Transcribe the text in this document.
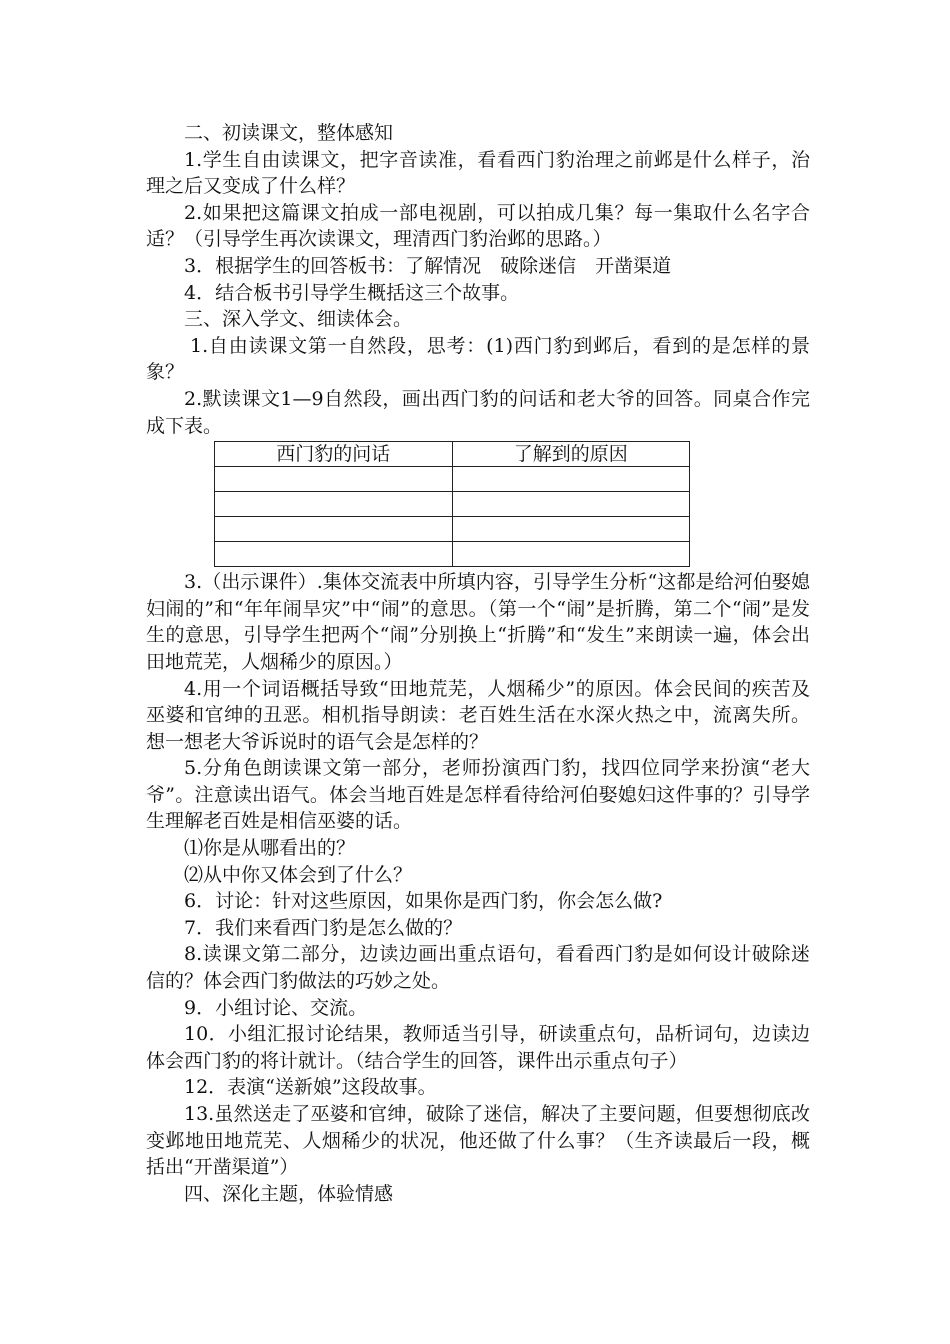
二、初读课文，整体感知

1.学生自由读课文，把字音读准，看看西门豹治理之前邺是什么样子，治理之后又变成了什么样？

2.如果把这篇课文拍成一部电视剧，可以拍成几集？每一集取什么名字合适？（引导学生再次读课文，理清西门豹治邺的思路。）

3．根据学生的回答板书：了解情况　破除迷信　开凿渠道

4．结合板书引导学生概括这三个故事。

三、深入学文、细读体会。

1.自由读课文第一自然段，思考：(1)西门豹到邺后，看到的是怎样的景象？

2.默读课文1—9自然段，画出西门豹的问话和老大爷的回答。同桌合作完成下表。

西门豹的问话	了解到的原因

3.（出示课件）.集体交流表中所填内容，引导学生分析“这都是给河伯娶媳妇闹的”和“年年闹旱灾”中“闹”的意思。（第一个“闹”是折腾，第二个“闹”是发生的意思，引导学生把两个“闹”分别换上“折腾”和“发生”来朗读一遍，体会出田地荒芜，人烟稀少的原因。）

4.用一个词语概括导致“田地荒芜，人烟稀少”的原因。体会民间的疾苦及巫婆和官绅的丑恶。相机指导朗读：老百姓生活在水深火热之中，流离失所。想一想老大爷诉说时的语气会是怎样的？

5.分角色朗读课文第一部分，老师扮演西门豹，找四位同学来扮演“老大爷”。注意读出语气。体会当地百姓是怎样看待给河伯娶媳妇这件事的？引导学生理解老百姓是相信巫婆的话。

⑴你是从哪看出的？

⑵从中你又体会到了什么？

6．讨论：针对这些原因，如果你是西门豹，你会怎么做?

7．我们来看西门豹是怎么做的？

8.读课文第二部分，边读边画出重点语句，看看西门豹是如何设计破除迷信的？体会西门豹做法的巧妙之处。

9．小组讨论、交流。

10．小组汇报讨论结果，教师适当引导，研读重点句，品析词句，边读边体会西门豹的将计就计。（结合学生的回答，课件出示重点句子）

12．表演“送新娘”这段故事。

13.虽然送走了巫婆和官绅，破除了迷信，解决了主要问题，但要想彻底改变邺地田地荒芜、人烟稀少的状况，他还做了什么事？（生齐读最后一段，概括出“开凿渠道”）

四、深化主题，体验情感
